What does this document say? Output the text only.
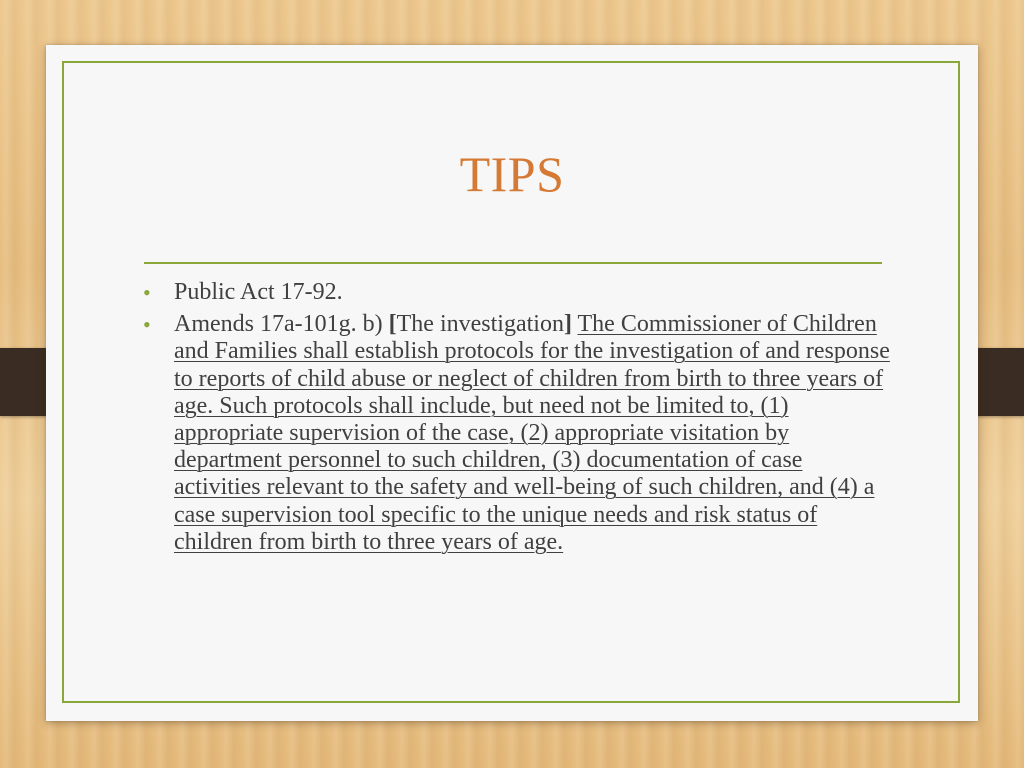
TIPS
• Public Act 17-92.
• Amends 17a-101g. b) [The investigation] The Commissioner of Children and Families shall establish protocols for the investigation of and response to reports of child abuse or neglect of children from birth to three years of age. Such protocols shall include, but need not be limited to, (1) appropriate supervision of the case, (2) appropriate visitation by department personnel to such children, (3) documentation of case activities relevant to the safety and well-being of such children, and (4) a case supervision tool specific to the unique needs and risk status of children from birth to three years of age.
